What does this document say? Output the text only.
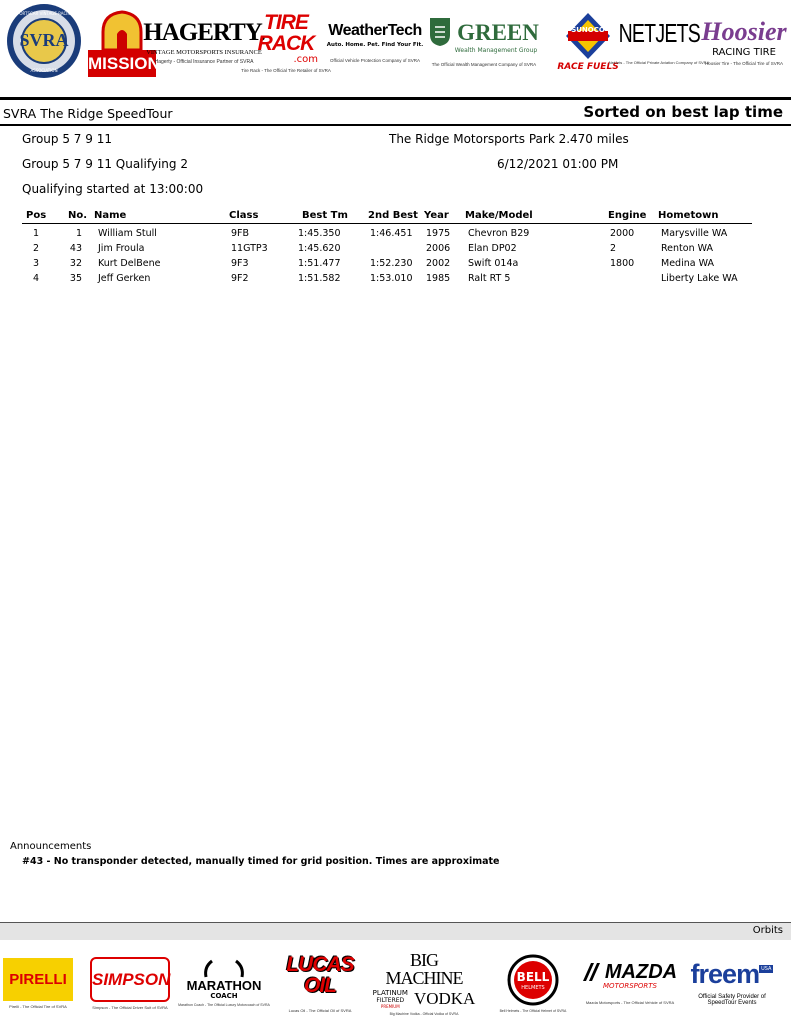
SVRA
SPORTSCAR VINTAGE RACING
ASSOCIATION	MISSION
HAGERTY.
VINTAGE MOTORSPORTS INSURANCE
Hagerty - Official Insurance Partner of SVRA
TIRE RACK
.com
Tire Rack - The Official Tire Retailer of SVRA
WeatherTech
Auto. Home. Pet. Find Your Fit.
Official Vehicle Protection Company of SVRA
GREEN
Wealth Management Group
The Official Wealth Management Company of SVRA
SUNOCO
RACE FUELS
NETJETS
NetJets - The Official Private Aviation Company of SVRA
Hoosier
RACING TIRE
Hoosier Tire - The Official Tire of SVRA
SVRA The Ridge SpeedTour	Sorted on best lap time
Group 5 7 9 11	The Ridge Motorsports Park 2.470 miles
Group 5 7 9 11 Qualifying 2	6/12/2021 01:00 PM
Qualifying started at 13:00:00
Pos No. Name	Class	Best Tm 2nd Best Year Make/Model	Engine Hometown
1	1 William Stull	9FB	1:45.350	1:46.451 1975 Chevron B29	2000	Marysville WA
2	43 Jim Froula	11GTP3	1:45.620	2006 Elan DP02	2	Renton WA
3	32 Kurt DelBene	9F3	1:51.477	1:52.230 2002 Swift 014a	1800	Medina WA
4	35 Jeff Gerken	9F2	1:51.582	1:53.010 1985 Ralt RT 5	Liberty Lake WA
Announcements
#43 - No transponder detected, manually timed for grid position. Times are approximate
Orbits
PIRELLI
Pirelli - The Official Tire of SVRA
SIMPSON
Simpson - The Official Driver Suit of SVRA
MARATHON
COACH
Marathon Coach - The Official Luxury Motorcoach of SVRA
LUCAS OIL
Lucas Oil - The Official Oil of SVRA
BIG MACHINE
PLATINUM
FILTERED
PREMIUM VODKA
Big Machine Vodka - Official Vodka of SVRA
BELL
HELMETS
Bell Helmets - The Official Helmet of SVRA
MAZDA
MOTORSPORTS
Mazda Motorsports - The Official Vehicle of SVRA
freem USA
Official Safety Provider of SpeedTour Events
